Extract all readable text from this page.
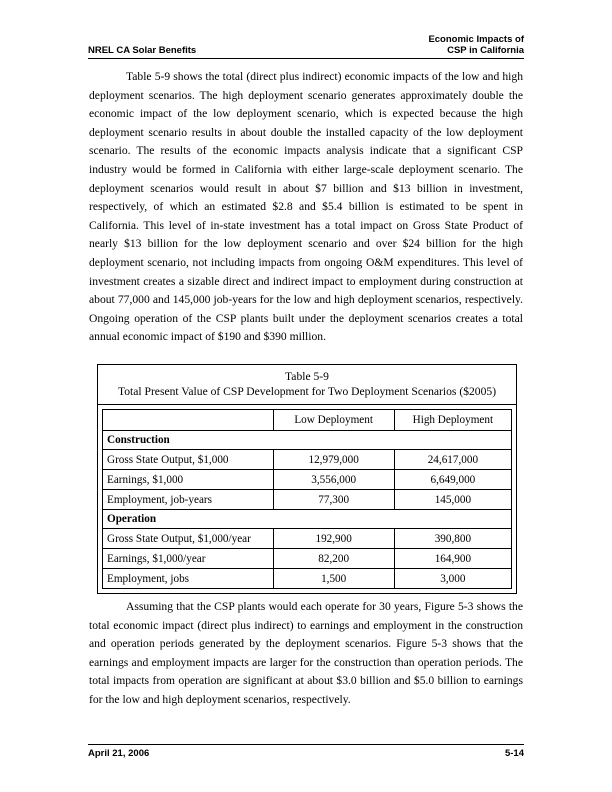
NREL CA Solar Benefits
Economic Impacts of
CSP in California
Table 5-9 shows the total (direct plus indirect) economic impacts of the low and high deployment scenarios. The high deployment scenario generates approximately double the economic impact of the low deployment scenario, which is expected because the high deployment scenario results in about double the installed capacity of the low deployment scenario. The results of the economic impacts analysis indicate that a significant CSP industry would be formed in California with either large-scale deployment scenario. The deployment scenarios would result in about $7 billion and $13 billion in investment, respectively, of which an estimated $2.8 and $5.4 billion is estimated to be spent in California. This level of in-state investment has a total impact on Gross State Product of nearly $13 billion for the low deployment scenario and over $24 billion for the high deployment scenario, not including impacts from ongoing O&M expenditures. This level of investment creates a sizable direct and indirect impact to employment during construction at about 77,000 and 145,000 job-years for the low and high deployment scenarios, respectively. Ongoing operation of the CSP plants built under the deployment scenarios creates a total annual economic impact of $190 and $390 million.
Table 5-9
Total Present Value of CSP Development for Two Deployment Scenarios ($2005)
	Low Deployment	High Deployment
Construction		
Gross State Output, $1,000	12,979,000	24,617,000
Earnings, $1,000	3,556,000	6,649,000
Employment, job-years	77,300	145,000
Operation		
Gross State Output, $1,000/year	192,900	390,800
Earnings, $1,000/year	82,200	164,900
Employment, jobs	1,500	3,000
Assuming that the CSP plants would each operate for 30 years, Figure 5-3 shows the total economic impact (direct plus indirect) to earnings and employment in the construction and operation periods generated by the deployment scenarios. Figure 5-3 shows that the earnings and employment impacts are larger for the construction than operation periods. The total impacts from operation are significant at about $3.0 billion and $5.0 billion to earnings for the low and high deployment scenarios, respectively.
April 21, 2006	5-14
